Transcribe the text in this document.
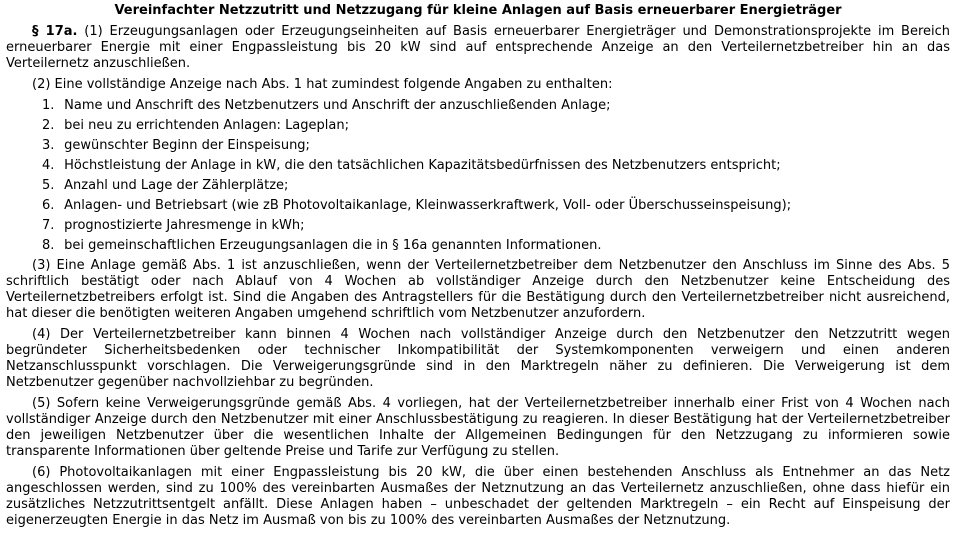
Vereinfachter Netzzutritt und Netzzugang für kleine Anlagen auf Basis erneuerbarer Energieträger

§ 17a. (1) Erzeugungsanlagen oder Erzeugungseinheiten auf Basis erneuerbarer Energieträger und Demonstrationsprojekte im Bereich erneuerbarer Energie mit einer Engpassleistung bis 20 kW sind auf entsprechende Anzeige an den Verteilernetzbetreiber hin an das Verteilernetz anzuschließen.

(2) Eine vollständige Anzeige nach Abs. 1 hat zumindest folgende Angaben zu enthalten:

1. Name und Anschrift des Netzbenutzers und Anschrift der anzuschließenden Anlage;
2. bei neu zu errichtenden Anlagen: Lageplan;
3. gewünschter Beginn der Einspeisung;
4. Höchstleistung der Anlage in kW, die den tatsächlichen Kapazitätsbedürfnissen des Netzbenutzers entspricht;
5. Anzahl und Lage der Zählerplätze;
6. Anlagen- und Betriebsart (wie zB Photovoltaikanlage, Kleinwasserkraftwerk, Voll- oder Überschusseinspeisung);
7. prognostizierte Jahresmenge in kWh;
8. bei gemeinschaftlichen Erzeugungsanlagen die in § 16a genannten Informationen.

(3) Eine Anlage gemäß Abs. 1 ist anzuschließen, wenn der Verteilernetzbetreiber dem Netzbenutzer den Anschluss im Sinne des Abs. 5 schriftlich bestätigt oder nach Ablauf von 4 Wochen ab vollständiger Anzeige durch den Netzbenutzer keine Entscheidung des Verteilernetzbetreibers erfolgt ist. Sind die Angaben des Antragstellers für die Bestätigung durch den Verteilernetzbetreiber nicht ausreichend, hat dieser die benötigten weiteren Angaben umgehend schriftlich vom Netzbenutzer anzufordern.

(4) Der Verteilernetzbetreiber kann binnen 4 Wochen nach vollständiger Anzeige durch den Netzbenutzer den Netzzutritt wegen begründeter Sicherheitsbedenken oder technischer Inkompatibilität der Systemkomponenten verweigern und einen anderen Netzanschlusspunkt vorschlagen. Die Verweigerungsgründe sind in den Marktregeln näher zu definieren. Die Verweigerung ist dem Netzbenutzer gegenüber nachvollziehbar zu begründen.

(5) Sofern keine Verweigerungsgründe gemäß Abs. 4 vorliegen, hat der Verteilernetzbetreiber innerhalb einer Frist von 4 Wochen nach vollständiger Anzeige durch den Netzbenutzer mit einer Anschlussbestätigung zu reagieren. In dieser Bestätigung hat der Verteilernetzbetreiber den jeweiligen Netzbenutzer über die wesentlichen Inhalte der Allgemeinen Bedingungen für den Netzzugang zu informieren sowie transparente Informationen über geltende Preise und Tarife zur Verfügung zu stellen.

(6) Photovoltaikanlagen mit einer Engpassleistung bis 20 kW, die über einen bestehenden Anschluss als Entnehmer an das Netz angeschlossen werden, sind zu 100% des vereinbarten Ausmaßes der Netznutzung an das Verteilernetz anzuschließen, ohne dass hiefür ein zusätzliches Netzzutrittsentgelt anfällt. Diese Anlagen haben – unbeschadet der geltenden Marktregeln – ein Recht auf Einspeisung der eigenerzeugten Energie in das Netz im Ausmaß von bis zu 100% des vereinbarten Ausmaßes der Netznutzung.
